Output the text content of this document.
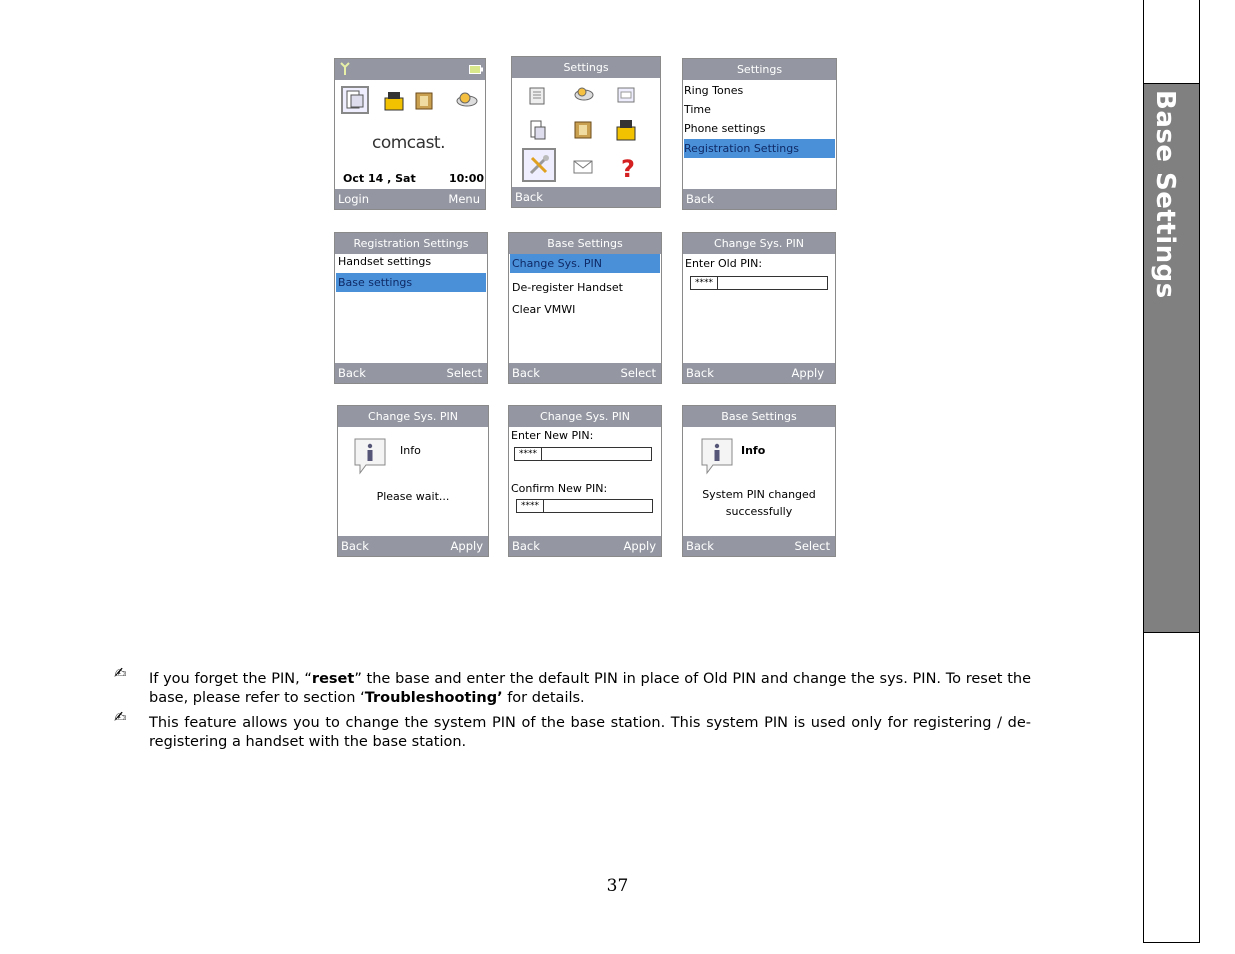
Base Settings
comcast.
Oct 14 , Sat	10:00
Login	Menu
Settings
?
Back
Settings
Ring Tones
Time
Phone settings
Registration Settings
Back
Registration Settings
Handset settings
Base settings
Back	Select
Base Settings
Change Sys. PIN
De-register Handset
Clear VMWI
Back	Select
Change Sys. PIN
Enter Old PIN:
****
Back	Apply
Change Sys. PIN
Info
Please wait...
Back	Apply
Change Sys. PIN
Enter New PIN:
****
Confirm New PIN:
****
Back	Apply
Base Settings
Info
System PIN changed
successfully
Back	Select
✍ If you forget the PIN, “reset” the base and enter the default PIN in place of Old PIN and change the sys. PIN. To reset the base, please refer to section ‘Troubleshooting’ for details.
✍ This feature allows you to change the system PIN of the base station. This system PIN is used only for registering / de-registering a handset with the base station.
37
